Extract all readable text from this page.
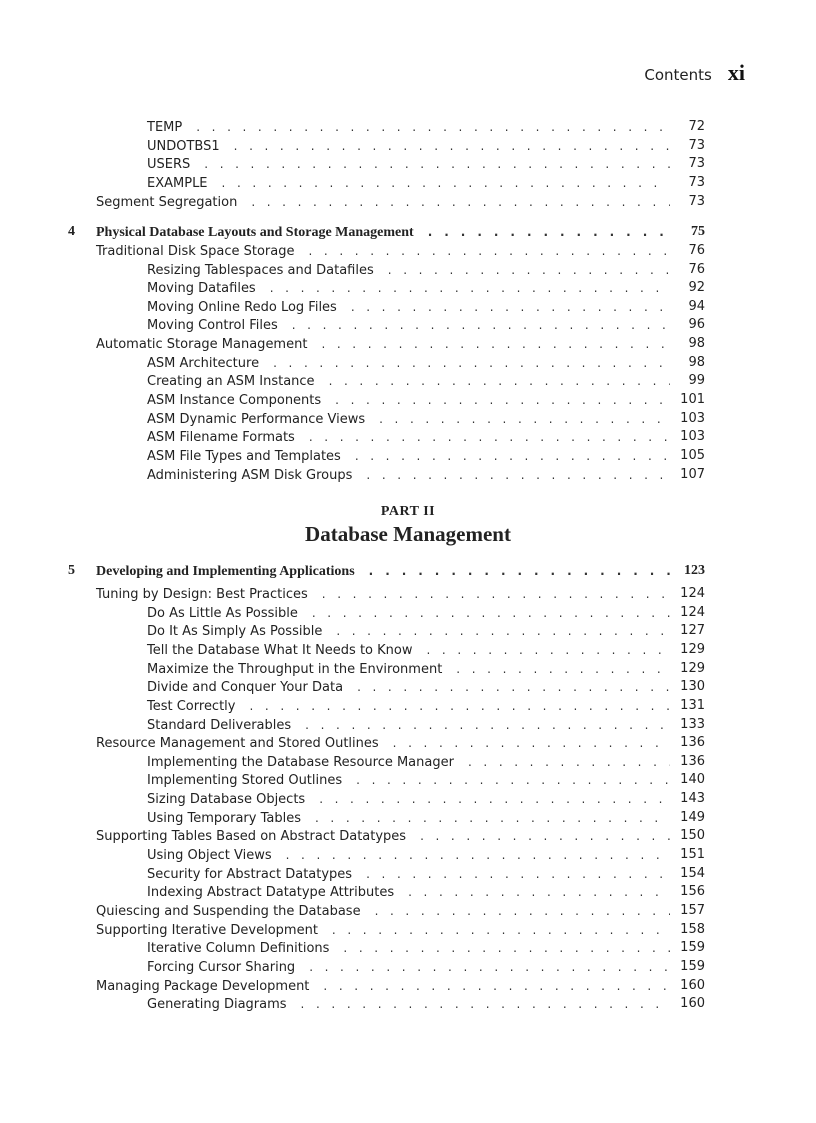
Contents xi
PART II
Database Management
TEMP . . .	72
UNDOTBS1 . . .	73
USERS . . .	73
EXAMPLE . . .	73
Segment Segregation . . .	73
4 Physical Database Layouts and Storage Management . . .	75
Traditional Disk Space Storage . . .	76
Resizing Tablespaces and Datafiles . . .	76
Moving Datafiles . . .	92
Moving Online Redo Log Files . . .	94
Moving Control Files . . .	96
Automatic Storage Management . . .	98
ASM Architecture . . .	98
Creating an ASM Instance . . .	99
ASM Instance Components . . .	101
ASM Dynamic Performance Views . . .	103
ASM Filename Formats . . .	103
ASM File Types and Templates . . .	105
Administering ASM Disk Groups . . .	107
5 Developing and Implementing Applications . . .	123
Tuning by Design: Best Practices . . .	124
Do As Little As Possible . . .	124
Do It As Simply As Possible . . .	127
Tell the Database What It Needs to Know . . .	129
Maximize the Throughput in the Environment . . .	129
Divide and Conquer Your Data . . .	130
Test Correctly . . .	131
Standard Deliverables . . .	133
Resource Management and Stored Outlines . . .	136
Implementing the Database Resource Manager . . .	136
Implementing Stored Outlines . . .	140
Sizing Database Objects . . .	143
Using Temporary Tables . . .	149
Supporting Tables Based on Abstract Datatypes . . .	150
Using Object Views . . .	151
Security for Abstract Datatypes . . .	154
Indexing Abstract Datatype Attributes . . .	156
Quiescing and Suspending the Database . . .	157
Supporting Iterative Development . . .	158
Iterative Column Definitions . . .	159
Forcing Cursor Sharing . . .	159
Managing Package Development . . .	160
Generating Diagrams . . .	160
